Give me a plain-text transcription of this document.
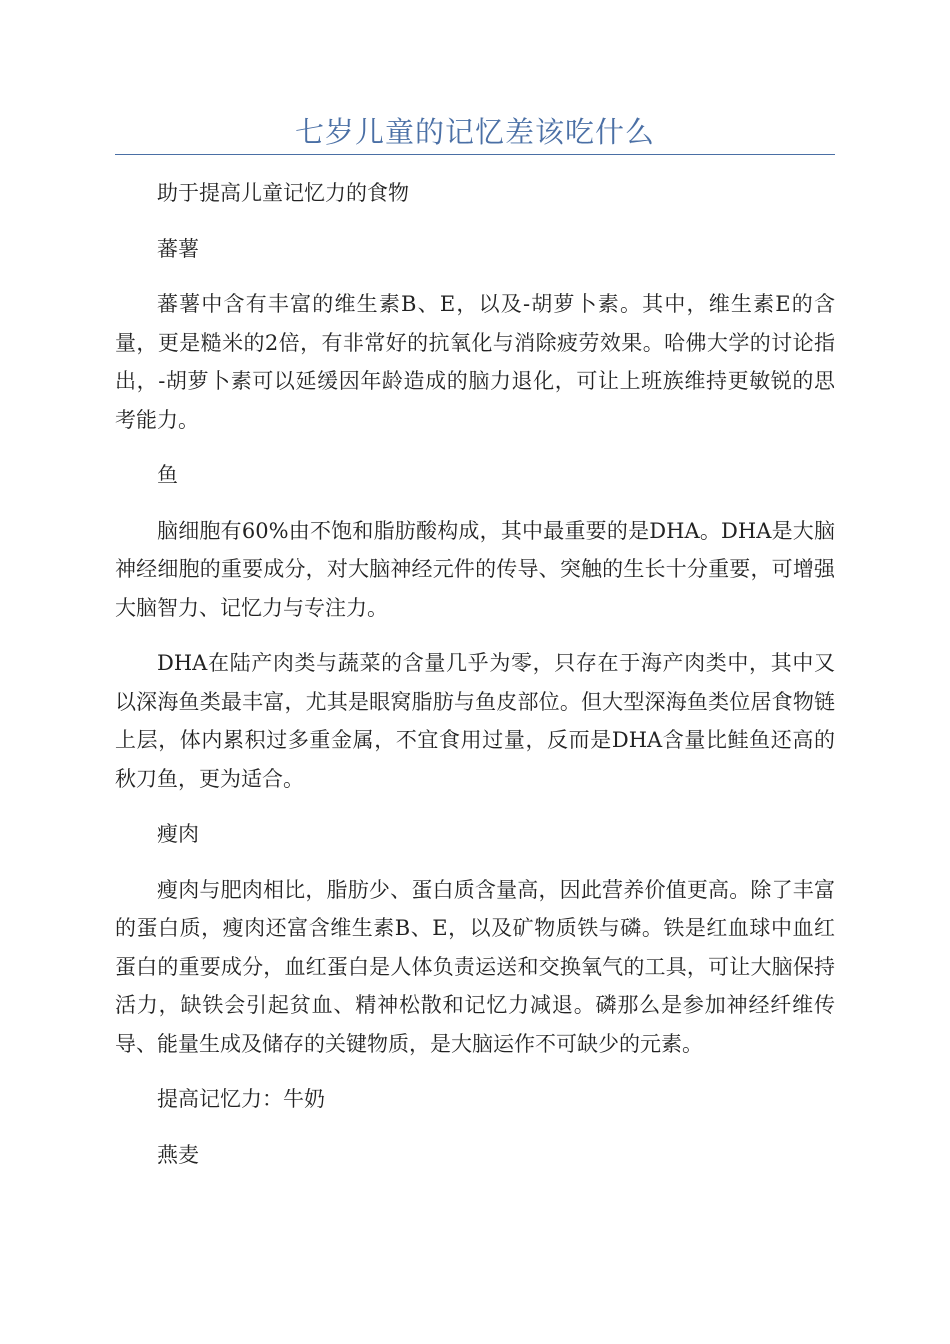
七岁儿童的记忆差该吃什么

助于提高儿童记忆力的食物

蕃薯

蕃薯中含有丰富的维生素B、E，以及-胡萝卜素。其中，维生素E的含量，更是糙米的2倍，有非常好的抗氧化与消除疲劳效果。哈佛大学的讨论指出，-胡萝卜素可以延缓因年龄造成的脑力退化，可让上班族维持更敏锐的思考能力。

鱼

脑细胞有60%由不饱和脂肪酸构成，其中最重要的是DHA。DHA是大脑神经细胞的重要成分，对大脑神经元件的传导、突触的生长十分重要，可增强大脑智力、记忆力与专注力。

DHA在陆产肉类与蔬菜的含量几乎为零，只存在于海产肉类中，其中又以深海鱼类最丰富，尤其是眼窝脂肪与鱼皮部位。但大型深海鱼类位居食物链上层，体内累积过多重金属，不宜食用过量，反而是DHA含量比鲑鱼还高的秋刀鱼，更为适合。

瘦肉

瘦肉与肥肉相比，脂肪少、蛋白质含量高，因此营养价值更高。除了丰富的蛋白质，瘦肉还富含维生素B、E，以及矿物质铁与磷。铁是红血球中血红蛋白的重要成分，血红蛋白是人体负责运送和交换氧气的工具，可让大脑保持活力，缺铁会引起贫血、精神松散和记忆力减退。磷那么是参加神经纤维传导、能量生成及储存的关键物质，是大脑运作不可缺少的元素。

提高记忆力：牛奶

燕麦
